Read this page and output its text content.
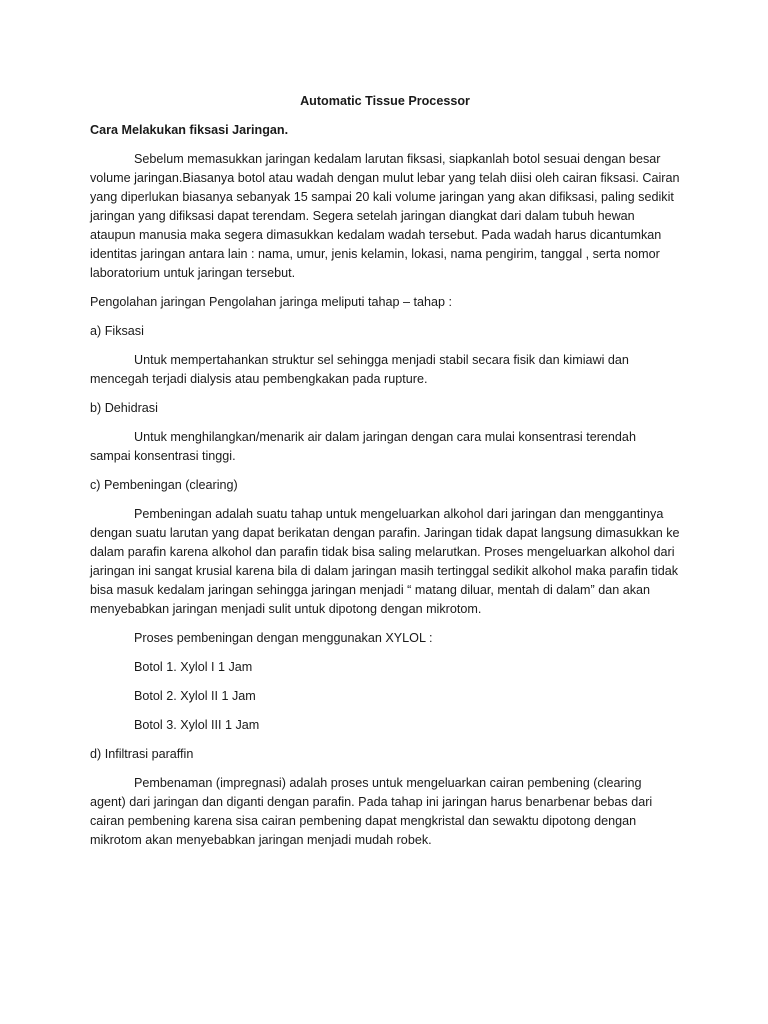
Automatic Tissue Processor

Cara Melakukan fiksasi Jaringan.

Sebelum memasukkan jaringan kedalam larutan fiksasi, siapkanlah botol sesuai dengan besar volume jaringan.Biasanya botol atau wadah dengan mulut lebar yang telah diisi oleh cairan fiksasi. Cairan yang diperlukan biasanya sebanyak 15 sampai 20 kali volume jaringan yang akan difiksasi, paling sedikit jaringan yang difiksasi dapat terendam. Segera setelah jaringan diangkat dari dalam tubuh hewan ataupun manusia maka segera dimasukkan kedalam wadah tersebut. Pada wadah harus dicantumkan identitas jaringan antara lain : nama, umur, jenis kelamin, lokasi, nama pengirim, tanggal , serta nomor laboratorium untuk jaringan tersebut.

Pengolahan jaringan Pengolahan jaringa meliputi tahap – tahap :

a) Fiksasi

Untuk mempertahankan struktur sel sehingga menjadi stabil secara fisik dan kimiawi dan mencegah terjadi dialysis atau pembengkakan pada rupture.

b) Dehidrasi

Untuk menghilangkan/menarik air dalam jaringan dengan cara mulai konsentrasi terendah sampai konsentrasi tinggi.

c) Pembeningan (clearing)

Pembeningan adalah suatu tahap untuk mengeluarkan alkohol dari jaringan dan menggantinya dengan suatu larutan yang dapat berikatan dengan parafin. Jaringan tidak dapat langsung dimasukkan ke dalam parafin karena alkohol dan parafin tidak bisa saling melarutkan. Proses mengeluarkan alkohol dari jaringan ini sangat krusial karena bila di dalam jaringan masih tertinggal sedikit alkohol maka parafin tidak bisa masuk kedalam jaringan sehingga jaringan menjadi “ matang diluar, mentah di dalam” dan akan menyebabkan jaringan menjadi sulit untuk dipotong dengan mikrotom.

Proses pembeningan dengan menggunakan XYLOL :

Botol 1. Xylol I 1 Jam

Botol 2. Xylol II 1 Jam

Botol 3. Xylol III 1 Jam

d) Infiltrasi paraffin

Pembenaman (impregnasi) adalah proses untuk mengeluarkan cairan pembening (clearing agent) dari jaringan dan diganti dengan parafin. Pada tahap ini jaringan harus benarbenar bebas dari cairan pembening karena sisa cairan pembening dapat mengkristal dan sewaktu dipotong dengan mikrotom akan menyebabkan jaringan menjadi mudah robek.
